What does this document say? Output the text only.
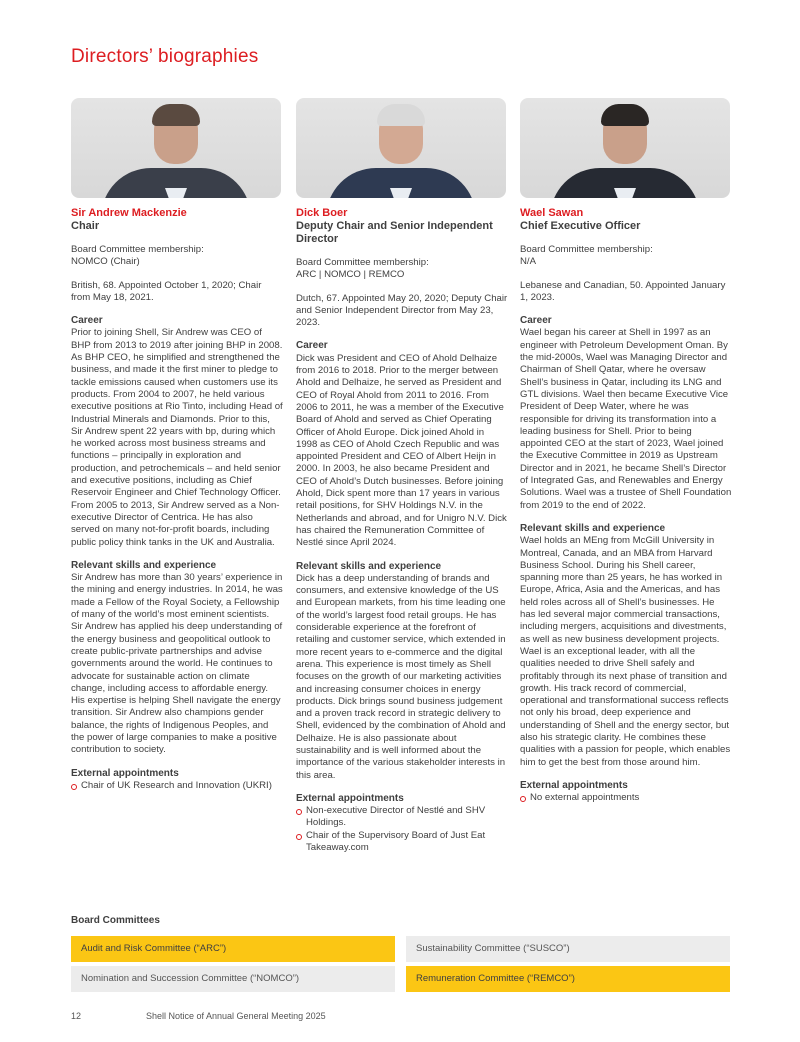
Directors’ biographies
Sir Andrew Mackenzie
Chair

Board Committee membership:
NOMCO (Chair)

British, 68. Appointed October 1, 2020; Chair from May 18, 2021.

Career

Prior to joining Shell, Sir Andrew was CEO of BHP from 2013 to 2019 after joining BHP in 2008. As BHP CEO, he simplified and strengthened the business, and made it the first miner to pledge to tackle emissions caused when customers use its products. From 2004 to 2007, he held various executive positions at Rio Tinto, including Head of Industrial Minerals and Diamonds. Prior to this, Sir Andrew spent 22 years with bp, during which he worked across most business streams and functions – principally in exploration and production, and petrochemicals – and held senior and executive positions, including as Chief Reservoir Engineer and Chief Technology Officer. From 2005 to 2013, Sir Andrew served as a Non-executive Director of Centrica. He has also served on many not-for-profit boards, including public policy think tanks in the UK and Australia.

Relevant skills and experience

Sir Andrew has more than 30 years’ experience in the mining and energy industries. In 2014, he was made a Fellow of the Royal Society, a Fellowship of many of the world’s most eminent scientists. Sir Andrew has applied his deep understanding of the energy business and geopolitical outlook to create public-private partnerships and advise governments around the world. He continues to advocate for sustainable action on climate change, including access to affordable energy. His expertise is helping Shell navigate the energy transition. Sir Andrew also champions gender balance, the rights of Indigenous Peoples, and the power of large companies to make a positive contribution to society.

External appointments
Chair of UK Research and Innovation (UKRI)
Dick Boer
Deputy Chair and Senior Independent Director

Board Committee membership:
ARC | NOMCO | REMCO

Dutch, 67. Appointed May 20, 2020; Deputy Chair and Senior Independent Director from May 23, 2023.

Career

Dick was President and CEO of Ahold Delhaize from 2016 to 2018. Prior to the merger between Ahold and Delhaize, he served as President and CEO of Royal Ahold from 2011 to 2016. From 2006 to 2011, he was a member of the Executive Board of Ahold and served as Chief Operating Officer of Ahold Europe. Dick joined Ahold in 1998 as CEO of Ahold Czech Republic and was appointed President and CEO of Albert Heijn in 2000. In 2003, he also became President and CEO of Ahold’s Dutch businesses. Before joining Ahold, Dick spent more than 17 years in various retail positions, for SHV Holdings N.V. in the Netherlands and abroad, and for Unigro N.V. Dick has chaired the Remuneration Committee of Nestlé since April 2024.

Relevant skills and experience

Dick has a deep understanding of brands and consumers, and extensive knowledge of the US and European markets, from his time leading one of the world’s largest food retail groups. He has considerable experience at the forefront of retailing and customer service, which extended in more recent years to e-commerce and the digital arena. This experience is most timely as Shell focuses on the growth of our marketing activities and increasing consumer choices in energy products. Dick brings sound business judgement and a proven track record in strategic delivery to Shell, evidenced by the combination of Ahold and Delhaize. He is also passionate about sustainability and is well informed about the importance of the various stakeholder interests in this area.

External appointments
Non-executive Director of Nestlé and SHV Holdings.
Chair of the Supervisory Board of Just Eat Takeaway.com
Wael Sawan
Chief Executive Officer

Board Committee membership:
N/A

Lebanese and Canadian, 50. Appointed January 1, 2023.

Career

Wael began his career at Shell in 1997 as an engineer with Petroleum Development Oman. By the mid-2000s, Wael was Managing Director and Chairman of Shell Qatar, where he oversaw Shell’s business in Qatar, including its LNG and GTL divisions. Wael then became Executive Vice President of Deep Water, where he was responsible for driving its transformation into a leading business for Shell. Prior to being appointed CEO at the start of 2023, Wael joined the Executive Committee in 2019 as Upstream Director and in 2021, he became Shell’s Director of Integrated Gas, and Renewables and Energy Solutions. Wael was a trustee of Shell Foundation from 2019 to the end of 2022.

Relevant skills and experience

Wael holds an MEng from McGill University in Montreal, Canada, and an MBA from Harvard Business School. During his Shell career, spanning more than 25 years, he has worked in Europe, Africa, Asia and the Americas, and has held roles across all of Shell’s businesses. He has led several major commercial transactions, including mergers, acquisitions and divestments, as well as new business development projects. Wael is an exceptional leader, with all the qualities needed to drive Shell safely and profitably through its next phase of transition and growth. His track record of commercial, operational and transformational success reflects not only his broad, deep experience and understanding of Shell and the energy sector, but also his strategic clarity. He combines these qualities with a passion for people, which enables him to get the best from those around him.

External appointments
No external appointments
Board Committees
Audit and Risk Committee (“ARC”)	Sustainability Committee (“SUSCO”)
Nomination and Succession Committee (“NOMCO”)	Remuneration Committee (“REMCO”)
12	Shell Notice of Annual General Meeting 2025
